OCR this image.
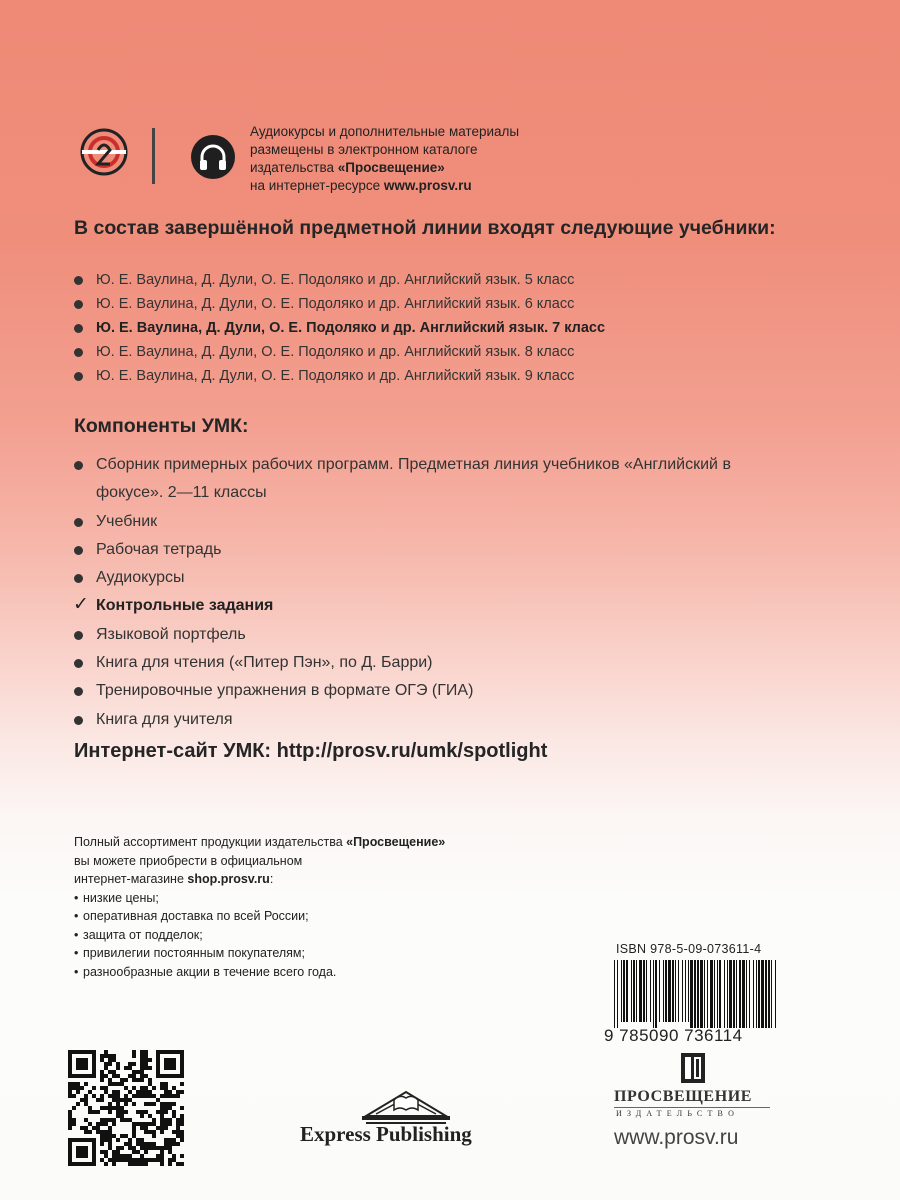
Аудиокурсы и дополнительные материалы
размещены в электронном каталоге
издательства «Просвещение»
на интернет-ресурсе www.prosv.ru
В состав завершённой предметной линии входят следующие учебники:
Ю. Е. Ваулина, Д. Дули, О. Е. Подоляко и др. Английский язык. 5 класс
Ю. Е. Ваулина, Д. Дули, О. Е. Подоляко и др. Английский язык. 6 класс
Ю. Е. Ваулина, Д. Дули, О. Е. Подоляко и др. Английский язык. 7 класс
Ю. Е. Ваулина, Д. Дули, О. Е. Подоляко и др. Английский язык. 8 класс
Ю. Е. Ваулина, Д. Дули, О. Е. Подоляко и др. Английский язык. 9 класс
Компоненты УМК:
Сборник примерных рабочих программ. Предметная линия учебников «Английский в фокусе». 2—11 классы
Учебник
Рабочая тетрадь
Аудиокурсы
✓ Контрольные задания
Языковой портфель
Книга для чтения («Питер Пэн», по Д. Барри)
Тренировочные упражнения в формате ОГЭ (ГИА)
Книга для учителя
Интернет-сайт УМК: http://prosv.ru/umk/spotlight
Полный ассортимент продукции издательства «Просвещение»
вы можете приобрести в официальном
интернет-магазине shop.prosv.ru:
• низкие цены;
• оперативная доставка по всей России;
• защита от подделок;
• привилегии постоянным покупателям;
• разнообразные акции в течение всего года.
ISBN 978-5-09-073611-4
9 785090 736114
Express Publishing
ПРОСВЕЩЕНИЕ
ИЗДАТЕЛЬСТВО
www.prosv.ru
